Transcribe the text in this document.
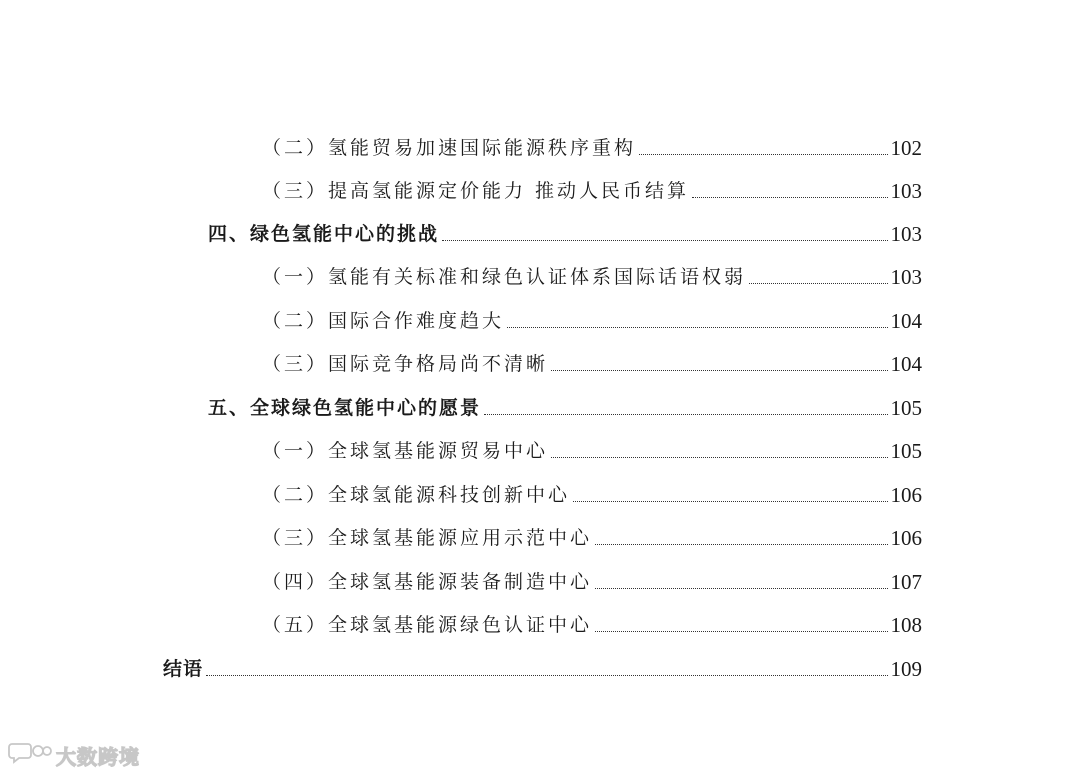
（二）氢能贸易加速国际能源秩序重构	102
（三）提高氢能源定价能力 推动人民币结算	103
四、绿色氢能中心的挑战	103
（一）氢能有关标准和绿色认证体系国际话语权弱	103
（二）国际合作难度趋大	104
（三）国际竞争格局尚不清晰	104
五、全球绿色氢能中心的愿景	105
（一）全球氢基能源贸易中心	105
（二）全球氢能源科技创新中心	106
（三）全球氢基能源应用示范中心	106
（四）全球氢基能源装备制造中心	107
（五）全球氢基能源绿色认证中心	108
结语	109
大数跨境
